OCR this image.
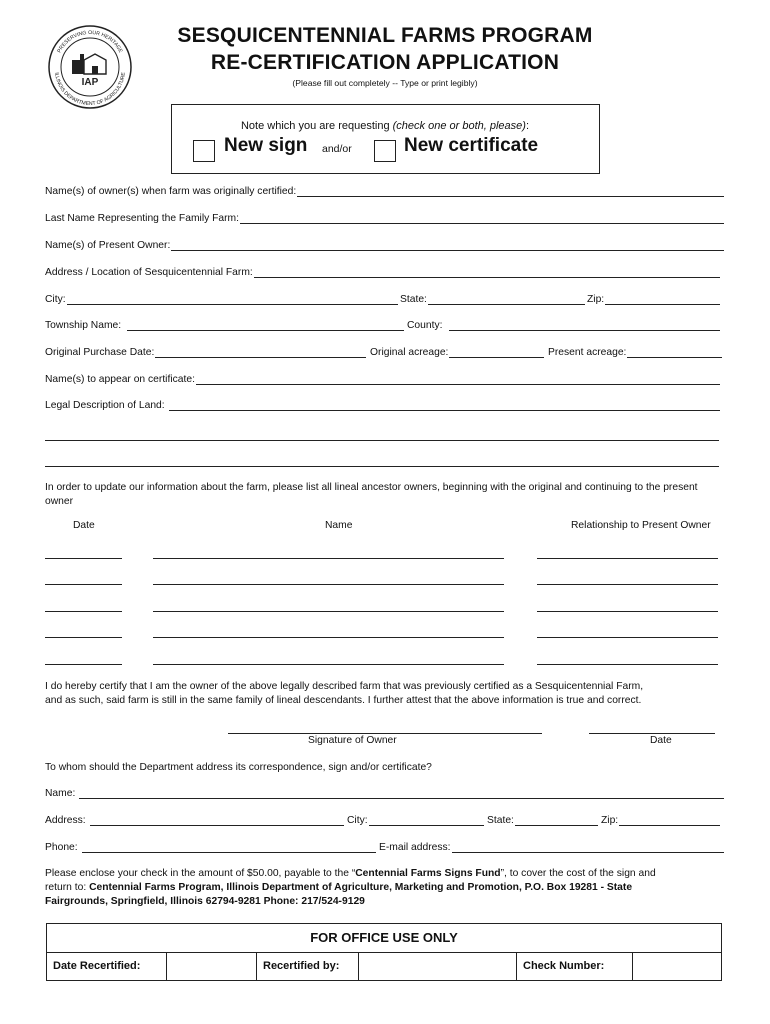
PRESERVING OUR HERITAGE
ILLINOIS DEPARTMENT OF AGRICULTURE
IAP
SESQUICENTENNIAL FARMS PROGRAM
RE-CERTIFICATION APPLICATION
(Please fill out completely -- Type or print legibly)
Note which you are requesting (check one or both, please):
New sign and/or	New certificate
Name(s) of owner(s) when farm was originally certified:
Last Name Representing the Family Farm:
Name(s) of Present Owner:
Address / Location of Sesquicentennial Farm:
City:	State:	Zip:
Township Name:	County:
Original Purchase Date:	Original acreage:	Present acreage:
Name(s) to appear on certificate:
Legal Description of Land:
In order to update our information about the farm, please list all lineal ancestor owners, beginning with the original and continuing to the present owner
Date	Name	Relationship to Present Owner
I do hereby certify that I am the owner of the above legally described farm that was previously certified as a Sesquicentennial Farm,
and as such, said farm is still in the same family of lineal descendants. I further attest that the above information is true and correct.
Signature of Owner	Date
To whom should the Department address its correspondence, sign and/or certificate?
Name:
Address:	City:	State:	Zip:
Phone:	E-mail address:
Please enclose your check in the amount of $50.00, payable to the “Centennial Farms Signs Fund”, to cover the cost of the sign and
return to: Centennial Farms Program, Illinois Department of Agriculture, Marketing and Promotion, P.O. Box 19281 - State
Fairgrounds, Springfield, Illinois 62794-9281 Phone: 217/524-9129
FOR OFFICE USE ONLY
Date Recertified:	Recertified by:	Check Number:
